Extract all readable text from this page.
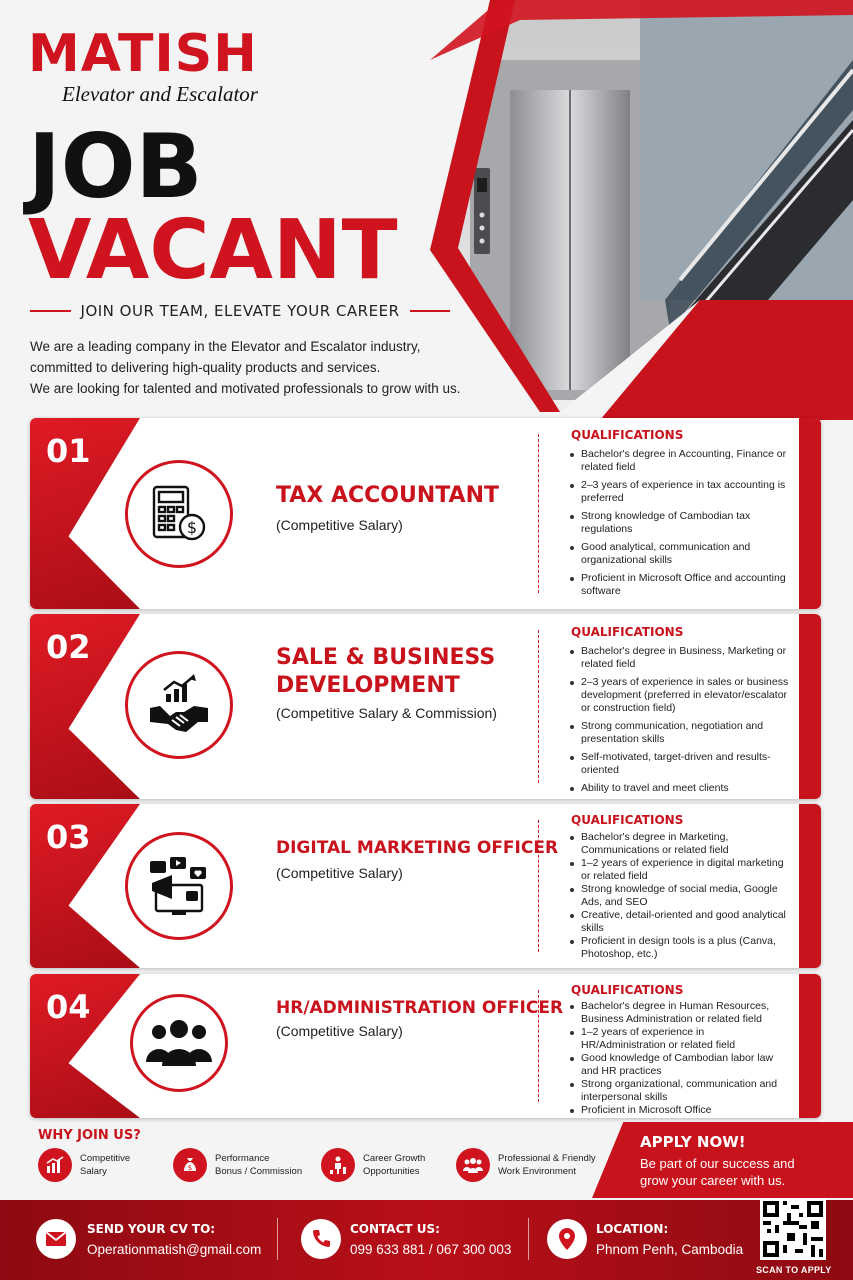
MATISH
Elevator and Escalator
JOB
VACANT
JOIN OUR TEAM, ELEVATE YOUR CAREER
We are a leading company in the Elevator and Escalator industry,
committed to delivering high-quality products and services.
We are looking for talented and motivated professionals to grow with us.
01
$
TAX ACCOUNTANT
(Competitive Salary)
QUALIFICATIONS
Bachelor's degree in Accounting, Finance or related field
2–3 years of experience in tax accounting is preferred
Strong knowledge of Cambodian tax regulations
Good analytical, communication and organizational skills
Proficient in Microsoft Office and accounting software
02	SALE & BUSINESS
DEVELOPMENT
(Competitive Salary & Commission)
QUALIFICATIONS
Bachelor's degree in Business, Marketing or related field
2–3 years of experience in sales or business development (preferred in elevator/escalator or construction field)
Strong communication, negotiation and presentation skills
Self-motivated, target-driven and results-oriented
Ability to travel and meet clients
03	DIGITAL MARKETING OFFICER
(Competitive Salary)
QUALIFICATIONS
Bachelor's degree in Marketing, Communications or related field
1–2 years of experience in digital marketing or related field
Strong knowledge of social media, Google Ads, and SEO
Creative, detail-oriented and good analytical skills
Proficient in design tools is a plus (Canva, Photoshop, etc.)
04	HR/ADMINISTRATION OFFICER
(Competitive Salary)
QUALIFICATIONS
Bachelor's degree in Human Resources, Business Administration or related field
1–2 years of experience in HR/Administration or related field
Good knowledge of Cambodian labor law and HR practices
Strong organizational, communication and interpersonal skills
Proficient in Microsoft Office
WHY JOIN US?
Competitive
Salary	$
Performance
Bonus / Commission
Career Growth
Opportunities
Professional & Friendly
Work Environment
APPLY NOW!
Be part of our success and
grow your career with us.
SEND YOUR CV TO:
Operationmatish@gmail.com
CONTACT US:
099 633 881 / 067 300 003
LOCATION:
Phnom Penh, Cambodia
SCAN TO APPLY
